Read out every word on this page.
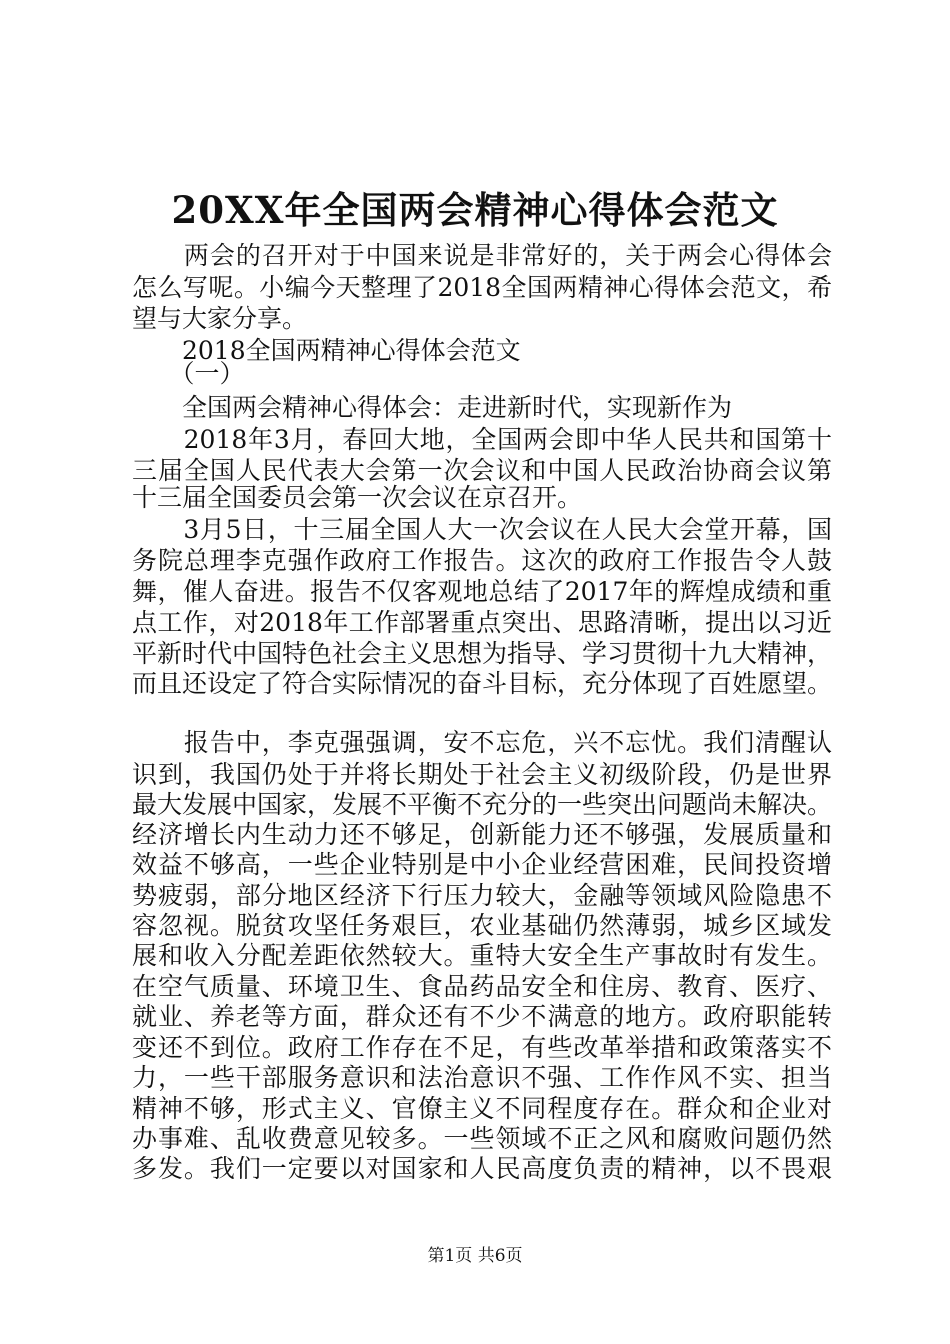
20XX年全国两会精神心得体会范文
　　两会的召开对于中国来说是非常好的，关于两会心得体会
怎么写呢。小编今天整理了2018全国两精神心得体会范文，希
望与大家分享。
　　2018全国两精神心得体会范文
　　（一）
　　全国两会精神心得体会：走进新时代，实现新作为
　　2018年3月，春回大地，全国两会即中华人民共和国第十
三届全国人民代表大会第一次会议和中国人民政治协商会议第
十三届全国委员会第一次会议在京召开。
　　3月5日，十三届全国人大一次会议在人民大会堂开幕，国
务院总理李克强作政府工作报告。这次的政府工作报告令人鼓
舞，催人奋进。报告不仅客观地总结了2017年的辉煌成绩和重
点工作，对2018年工作部署重点突出、思路清晰，提出以习近
平新时代中国特色社会主义思想为指导、学习贯彻十九大精神，
而且还设定了符合实际情况的奋斗目标，充分体现了百姓愿望。
　　报告中，李克强强调，安不忘危，兴不忘忧。我们清醒认
识到，我国仍处于并将长期处于社会主义初级阶段，仍是世界
最大发展中国家，发展不平衡不充分的一些突出问题尚未解决。
经济增长内生动力还不够足，创新能力还不够强，发展质量和
效益不够高，一些企业特别是中小企业经营困难，民间投资增
势疲弱，部分地区经济下行压力较大，金融等领域风险隐患不
容忽视。脱贫攻坚任务艰巨，农业基础仍然薄弱，城乡区域发
展和收入分配差距依然较大。重特大安全生产事故时有发生。
在空气质量、环境卫生、食品药品安全和住房、教育、医疗、
就业、养老等方面，群众还有不少不满意的地方。政府职能转
变还不到位。政府工作存在不足，有些改革举措和政策落实不
力，一些干部服务意识和法治意识不强、工作作风不实、担当
精神不够，形式主义、官僚主义不同程度存在。群众和企业对
办事难、乱收费意见较多。一些领域不正之风和腐败问题仍然
多发。我们一定要以对国家和人民高度负责的精神，以不畏艰
第1页 共6页
